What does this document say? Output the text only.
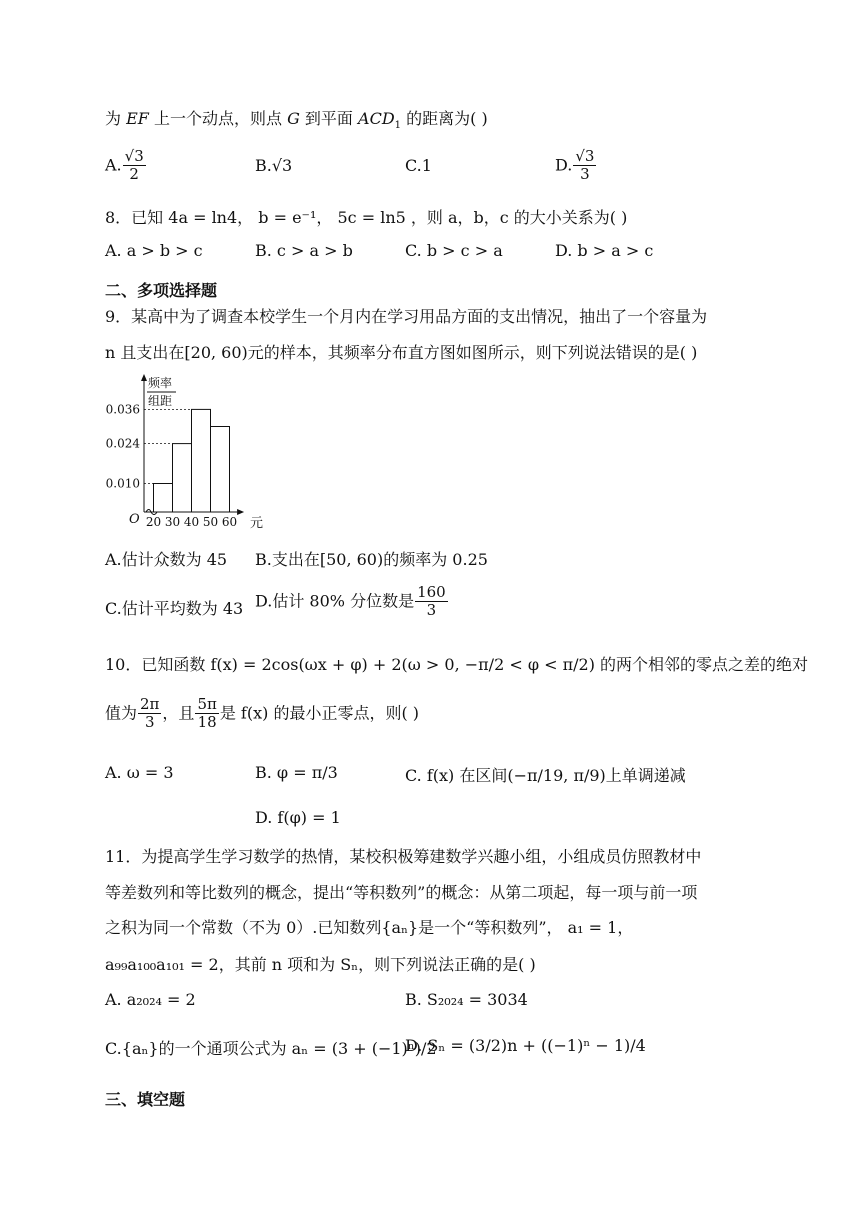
为 EF 上一个动点，则点 G 到平面 $ACD_1$ 的距离为( )
A. $\frac{√3}{2}$	B.√3	C.1	D. $\frac{√3}{3}$
8．已知 4a = ln4， b = e⁻¹， 5c = ln5 ，则 a，b，c 的大小关系为( )
A. a > b > c	B. c > a > b	C. b > c > a	D. b > a > c
二、多项选择题
9．某高中为了调查本校学生一个月内在学习用品方面的支出情况，抽出了一个容量为
n 且支出在[20, 60)元的样本，其频率分布直方图如图所示，则下列说法错误的是( )
0.010
0.024
0.036
20 30 40 50 60
频率
组距
O	元
A.估计众数为 45 B.支出在[50, 60)的频率为 0.25
C.估计平均数为 43 D.估计 80% 分位数是 $\frac{160}{3}$
10．已知函数 f(x) = 2cos(ωx + φ) + 2(ω > 0, −π/2 < φ < π/2) 的两个相邻的零点之差的绝对
值为 $\frac{2\pi}{3}$ ，且 $\frac{5\pi}{18}$ 是 f(x) 的最小正零点，则( )
A. ω = 3	B. φ = π/3	C. f(x) 在区间(−π/19, π/9)上单调递减
D. f(φ) = 1
11．为提高学生学习数学的热情，某校积极筹建数学兴趣小组，小组成员仿照教材中
等差数列和等比数列的概念，提出“等积数列”的概念：从第二项起，每一项与前一项
之积为同一个常数（不为 0）.已知数列{aₙ}是一个“等积数列”， a₁ = 1，
a₉₉a₁₀₀a₁₀₁ = 2，其前 n 项和为 Sₙ，则下列说法正确的是( )
A. a₂₀₂₄ = 2	B. S₂₀₂₄ = 3034
C.{aₙ}的一个通项公式为 aₙ = (3 + (−1)ⁿ)/2
D. Sₙ = (3/2)n + ((−1)ⁿ − 1)/4
三、填空题
